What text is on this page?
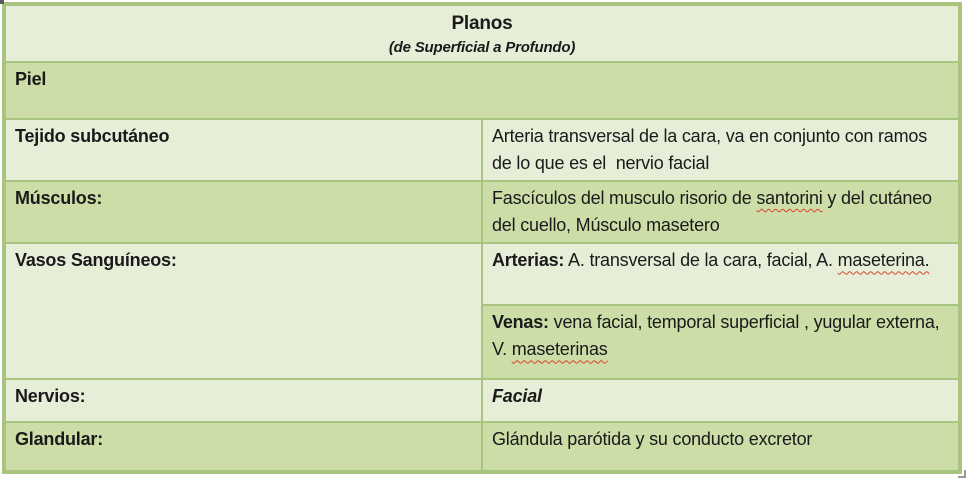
Planos
(de Superficial a Profundo)	

Piel	
Tejido subcutáneo	Arteria transversal de la cara, va en conjunto con ramos de lo que es el  nervio facial
Músculos:	Fascículos del musculo risorio de santorini y del cutáneo del cuello, Músculo masetero
Vasos Sanguíneos:	Arterias: A. transversal de la cara, facial, A. maseterina.
	Venas: vena facial, temporal superficial , yugular externa, V. maseterinas
Nervios:	Facial
Glandular:	Glándula parótida y su conducto excretor
